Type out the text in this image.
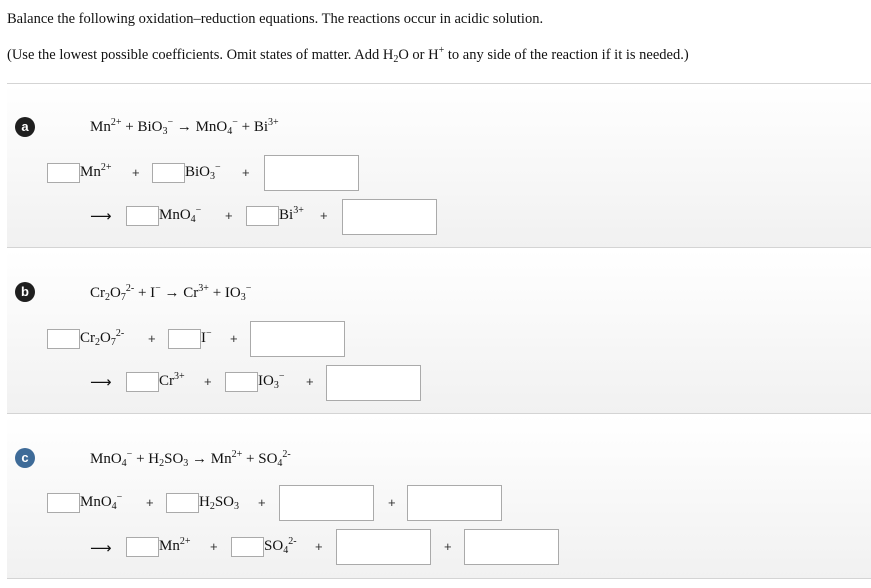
Balance the following oxidation–reduction equations. The reactions occur in acidic solution.
(Use the lowest possible coefficients. Omit states of matter. Add $H_2O$ or H+ to any side of the reaction if it is needed.)
a	$Mn^{2+} + BiO_3^- \to MnO_4^- + Bi^{3+}$
$Mn^{2+}$ +	BiO$_3$− +
⟶	MnO$_4$− +	$Bi^{3+}$ +
b	$Cr_2O_7^{2-} + I^- \to Cr^{3+} + IO_3^-$
$Cr_2O_7^{2-}$ +	I− +
⟶	$Cr^{3+}$ +	$IO_3^-$ +
c	$MnO_4^- + H_2SO_3 \to Mn^{2+} + SO_4^{2-}$
MnO$_4$− +	$H_2SO_3$ +	+
⟶	$Mn^{2+}$ +	$SO_4^{2-}$ +	+
